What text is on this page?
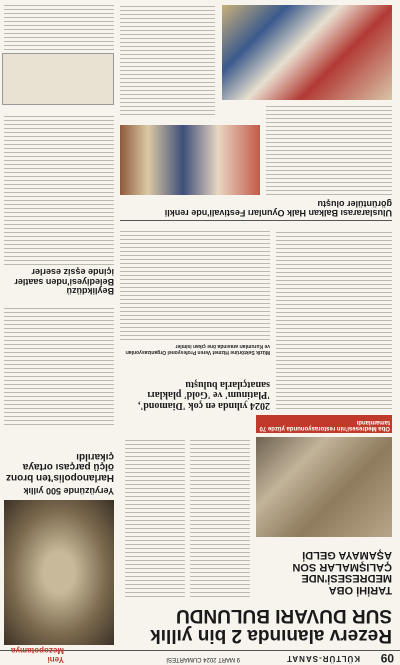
09
KÜLTÜR-SANAT
9 MART 2024 CUMARTESİ
Yeni Mezopotamya
Rezerv alanında 2 bin yıllık SUR DUVARI BULUNDU
TARİHİ OBA MEDRESESİ'NDE ÇALIŞMALAR SON AŞAMAYA GELDİ
Oba Medresesi'nin restorasyonunda yüzde 70 tamamlandı
Yeryüzünde 500 yıllık
Harlanopolis'ten bronz ölçü parçası ortaya çıkarıldı
2024 yılında en çok 'Diamond', 'Platinum' ve 'Gold' plakları sanatçılarla buluştu
Müzik Sektörüne Hizmet Veren Profesyonel Organizasyonları ve Kurumları arasında öne çıkan isimler
Beylikdüzü Belediyesi'nden saatler içinde eşsiz eserler
Uluslararası Balkan Halk Oyunları Festivali'nde renkli görüntüler oluştu
